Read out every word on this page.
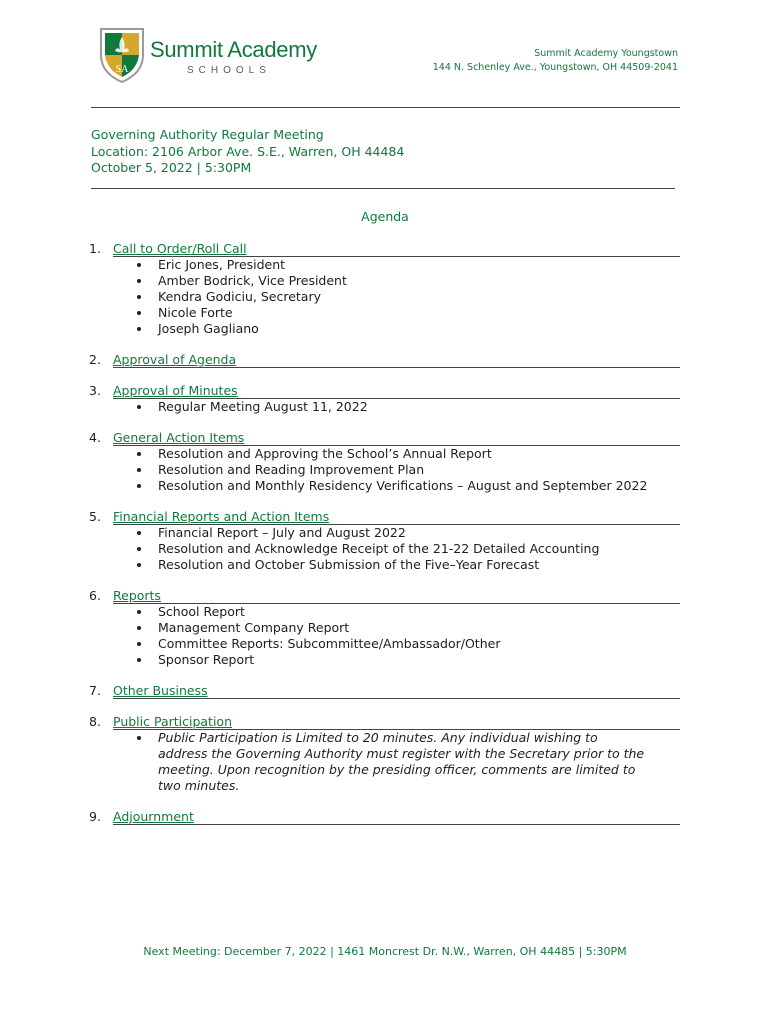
SA
Summit Academy
SCHOOLS
Summit Academy Youngstown
144 N. Schenley Ave., Youngstown, OH 44509-2041
Governing Authority Regular Meeting
Location: 2106 Arbor Ave. S.E., Warren, OH 44484
October 5, 2022 | 5:30PM
Agenda
1. Call to Order/Roll Call
Eric Jones, President
Amber Bodrick, Vice President
Kendra Godiciu, Secretary
Nicole Forte
Joseph Gagliano
2. Approval of Agenda
3. Approval of Minutes
Regular Meeting August 11, 2022
4. General Action Items
Resolution and Approving the School’s Annual Report
Resolution and Reading Improvement Plan
Resolution and Monthly Residency Verifications – August and September 2022
5. Financial Reports and Action Items
Financial Report – July and August 2022
Resolution and Acknowledge Receipt of the 21-22 Detailed Accounting
Resolution and October Submission of the Five–Year Forecast
6. Reports
School Report
Management Company Report
Committee Reports: Subcommittee/Ambassador/Other
Sponsor Report
7. Other Business
8. Public Participation
Public Participation is Limited to 20 minutes. Any individual wishing to address the Governing Authority must register with the Secretary prior to the meeting. Upon recognition by the presiding officer, comments are limited to two minutes.
9. Adjournment
Next Meeting: December 7, 2022 | 1461 Moncrest Dr. N.W., Warren, OH 44485 | 5:30PM
